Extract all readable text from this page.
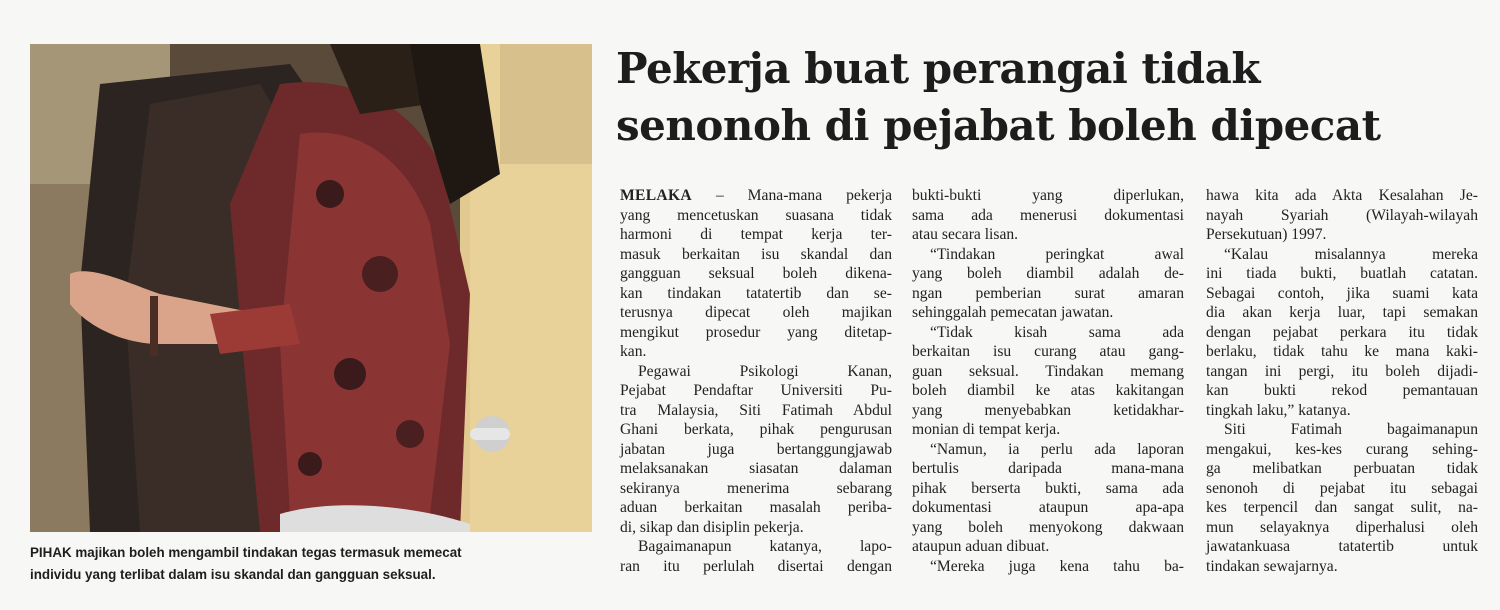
PIHAK majikan boleh mengambil tindakan tegas termasuk memecat
individu yang terlibat dalam isu skandal dan gangguan seksual.

Pekerja buat perangai tidak
senonoh di pejabat boleh dipecat
MELAKA – Mana-mana pekerja
yang mencetuskan suasana tidak
harmoni di tempat kerja ter-
masuk berkaitan isu skandal dan
gangguan seksual boleh dikena-
kan tindakan tatatertib dan se-
terusnya dipecat oleh majikan
mengikut prosedur yang ditetap-
kan.
Pegawai Psikologi Kanan,
Pejabat Pendaftar Universiti Pu-
tra Malaysia, Siti Fatimah Abdul
Ghani berkata, pihak pengurusan
jabatan juga bertanggungjawab
melaksanakan siasatan dalaman
sekiranya menerima sebarang
aduan berkaitan masalah periba-
di, sikap dan disiplin pekerja.
Bagaimanapun katanya, lapo-
ran itu perlulah disertai dengan
bukti-bukti yang diperlukan,
sama ada menerusi dokumentasi
atau secara lisan.
“Tindakan peringkat awal
yang boleh diambil adalah de-
ngan pemberian surat amaran
sehinggalah pemecatan jawatan.
“Tidak kisah sama ada
berkaitan isu curang atau gang-
guan seksual. Tindakan memang
boleh diambil ke atas kakitangan
yang menyebabkan ketidakhar-
monian di tempat kerja.
“Namun, ia perlu ada laporan
bertulis daripada mana-mana
pihak berserta bukti, sama ada
dokumentasi ataupun apa-apa
yang boleh menyokong dakwaan
ataupun aduan dibuat.
“Mereka juga kena tahu ba-
hawa kita ada Akta Kesalahan Je-
nayah Syariah (Wilayah-wilayah
Persekutuan) 1997.
“Kalau misalannya mereka
ini tiada bukti, buatlah catatan.
Sebagai contoh, jika suami kata
dia akan kerja luar, tapi semakan
dengan pejabat perkara itu tidak
berlaku, tidak tahu ke mana kaki-
tangan ini pergi, itu boleh dijadi-
kan bukti rekod pemantauan
tingkah laku,” katanya.
Siti Fatimah bagaimanapun
mengakui, kes-kes curang sehing-
ga melibatkan perbuatan tidak
senonoh di pejabat itu sebagai
kes terpencil dan sangat sulit, na-
mun selayaknya diperhalusi oleh
jawatankuasa tatatertib untuk
tindakan sewajarnya.
